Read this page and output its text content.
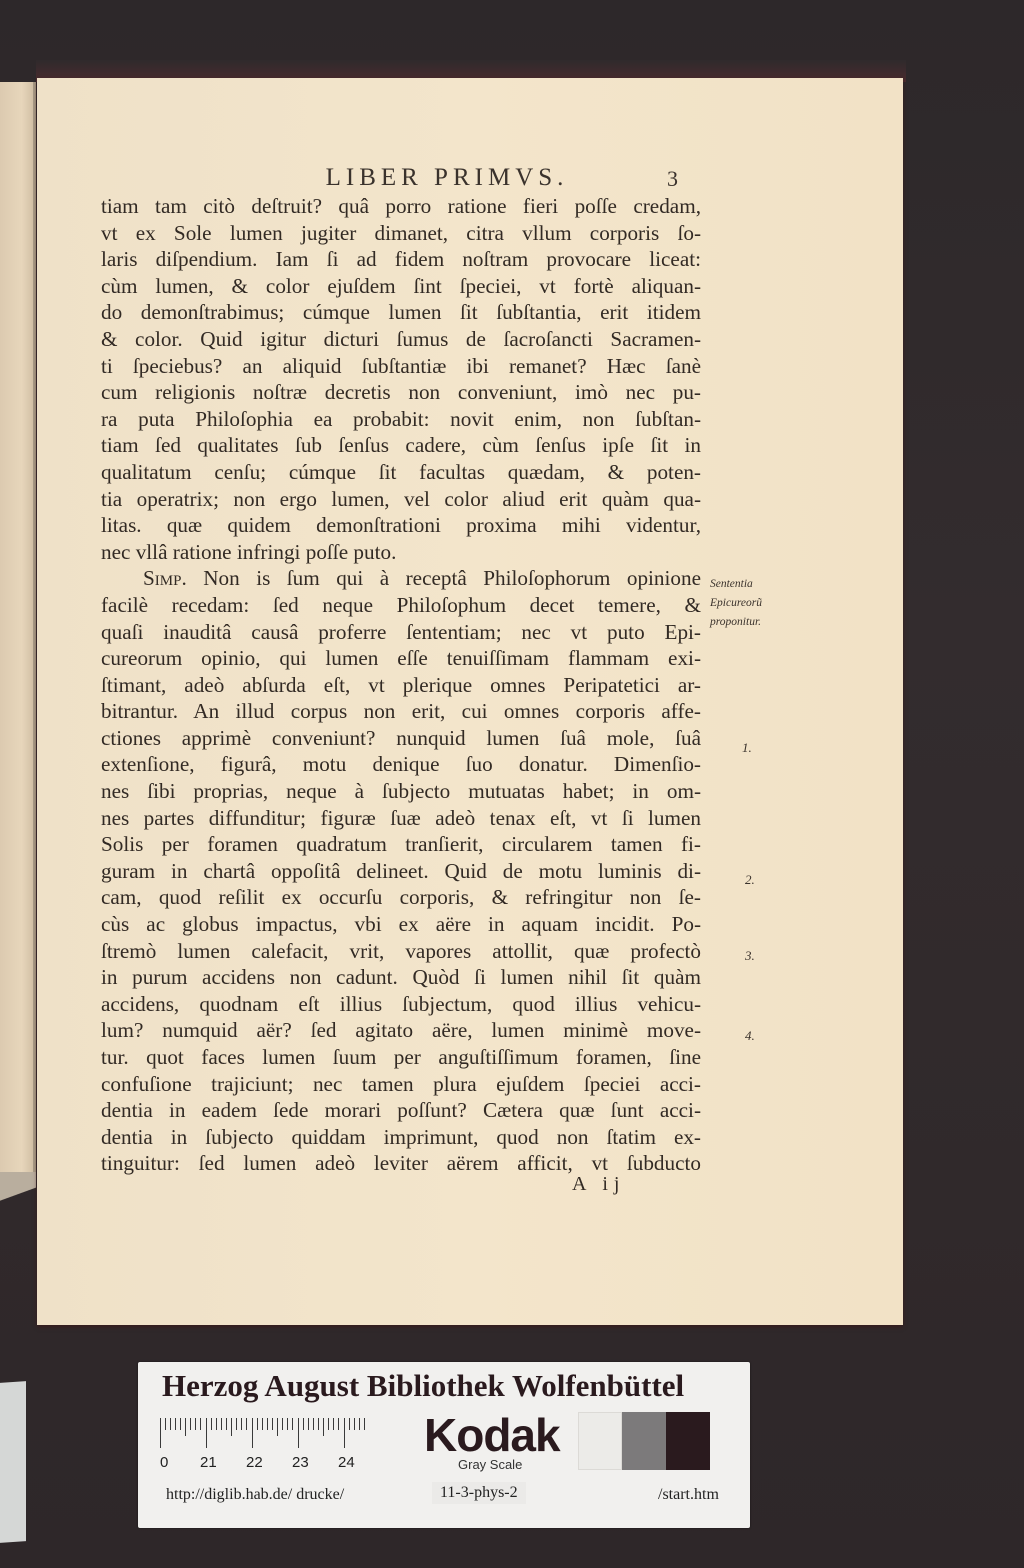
LIBER PRIMVS.	3
tiam tam citò deſtruit? quâ porro ratione fieri poſſe credam,
vt ex Sole lumen jugiter dimanet, citra vllum corporis ſo-
laris diſpendium. Iam ſi ad fidem noſtram provocare liceat:
cùm lumen, & color ejuſdem ſint ſpeciei, vt fortè aliquan-
do demonſtrabimus; cúmque lumen ſit ſubſtantia, erit itidem
& color. Quid igitur dicturi ſumus de ſacroſancti Sacramen-
ti ſpeciebus? an aliquid ſubſtantiæ ibi remanet? Hæc ſanè
cum religionis noſtræ decretis non conveniunt, imò nec pu-
ra puta Philoſophia ea probabit: novit enim, non ſubſtan-
tiam ſed qualitates ſub ſenſus cadere, cùm ſenſus ipſe ſit in
qualitatum cenſu; cúmque ſit facultas quædam, & poten-
tia operatrix; non ergo lumen, vel color aliud erit quàm qua-
litas. quæ quidem demonſtrationi proxima mihi videntur,
nec vllâ ratione infringi poſſe puto.
Simp. Non is ſum qui à receptâ Philoſophorum opinione
facilè recedam: ſed neque Philoſophum decet temere, &
quaſi inauditâ causâ proferre ſententiam; nec vt puto Epi-
cureorum opinio, qui lumen eſſe tenuiſſimam flammam exi-
ſtimant, adeò abſurda eſt, vt plerique omnes Peripatetici ar-
bitrantur. An illud corpus non erit, cui omnes corporis affe-
ctiones apprimè conveniunt? nunquid lumen ſuâ mole, ſuâ
extenſione, figurâ, motu denique ſuo donatur. Dimenſio-
nes ſibi proprias, neque à ſubjecto mutuatas habet; in om-
nes partes diffunditur; figuræ ſuæ adeò tenax eſt, vt ſi lumen
Solis per foramen quadratum tranſierit, circularem tamen fi-
guram in chartâ oppoſitâ delineet. Quid de motu luminis di-
cam, quod reſilit ex occurſu corporis, & refringitur non ſe-
cùs ac globus impactus, vbi ex aëre in aquam incidit. Po-
ſtremò lumen calefacit, vrit, vapores attollit, quæ profectò
in purum accidens non cadunt. Quòd ſi lumen nihil ſit quàm
accidens, quodnam eſt illius ſubjectum, quod illius vehicu-
lum? numquid aër? ſed agitato aëre, lumen minimè move-
tur. quot faces lumen ſuum per anguſtiſſimum foramen, ſine
confuſione trajiciunt; nec tamen plura ejuſdem ſpeciei acci-
dentia in eadem ſede morari poſſunt? Cætera quæ ſunt acci-
dentia in ſubjecto quiddam imprimunt, quod non ſtatim ex-
tinguitur: ſed lumen adeò leviter aërem afficit, vt ſubducto
Sententia
Epicureorũ
proponitur.
1.
2.
3.
4.
A ij
Herzog August Bibliothek Wolfenbüttel
0 21 22 23 24
Kodak
Gray Scale
http://diglib.hab.de/ drucke/	11-3-phys-2	/start.htm
